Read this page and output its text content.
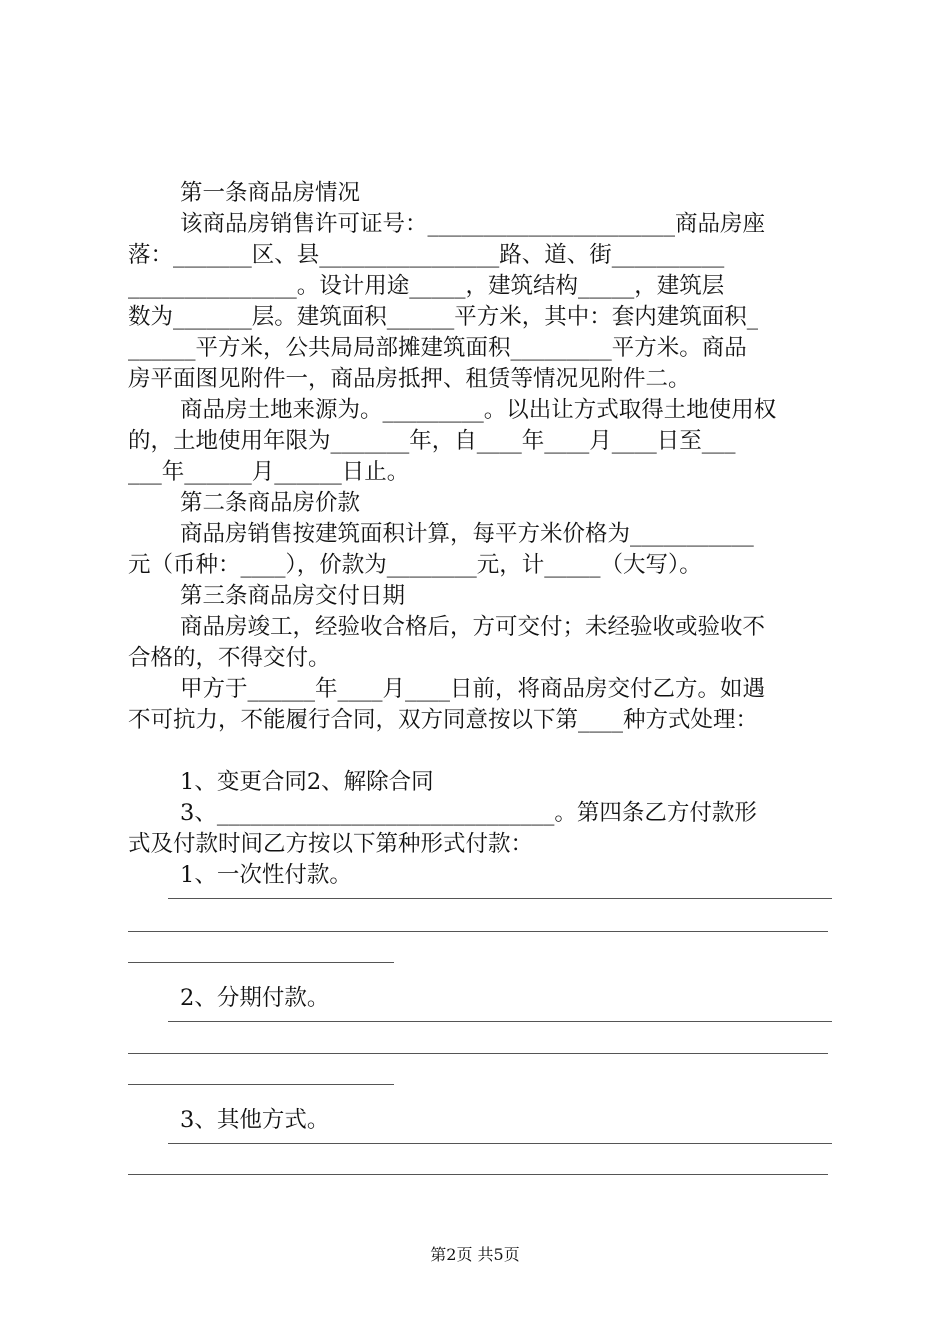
第一条商品房情况
该商品房销售许可证号：______________________商品房座
落：_______区、县________________路、道、街__________
_______________。设计用途_____，建筑结构_____，建筑层
数为_______层。建筑面积______平方米，其中：套内建筑面积_
______平方米，公共局局部摊建筑面积_________平方米。商品
房平面图见附件一，商品房抵押、租赁等情况见附件二。
商品房土地来源为。_________。以出让方式取得土地使用权
的，土地使用年限为_______年，自____年____月____日至___
___年______月______日止。
第二条商品房价款
商品房销售按建筑面积计算，每平方米价格为___________
元（币种：____），价款为________元，计_____（大写）。
第三条商品房交付日期
商品房竣工，经验收合格后，方可交付；未经验收或验收不
合格的，不得交付。
甲方于______年____月____日前，将商品房交付乙方。如遇
不可抗力，不能履行合同，双方同意按以下第____种方式处理：
1、变更合同2、解除合同
3、______________________________。第四条乙方付款形
式及付款时间乙方按以下第种形式付款：
1、一次性付款。
2、分期付款。
3、其他方式。
第2页 共5页
